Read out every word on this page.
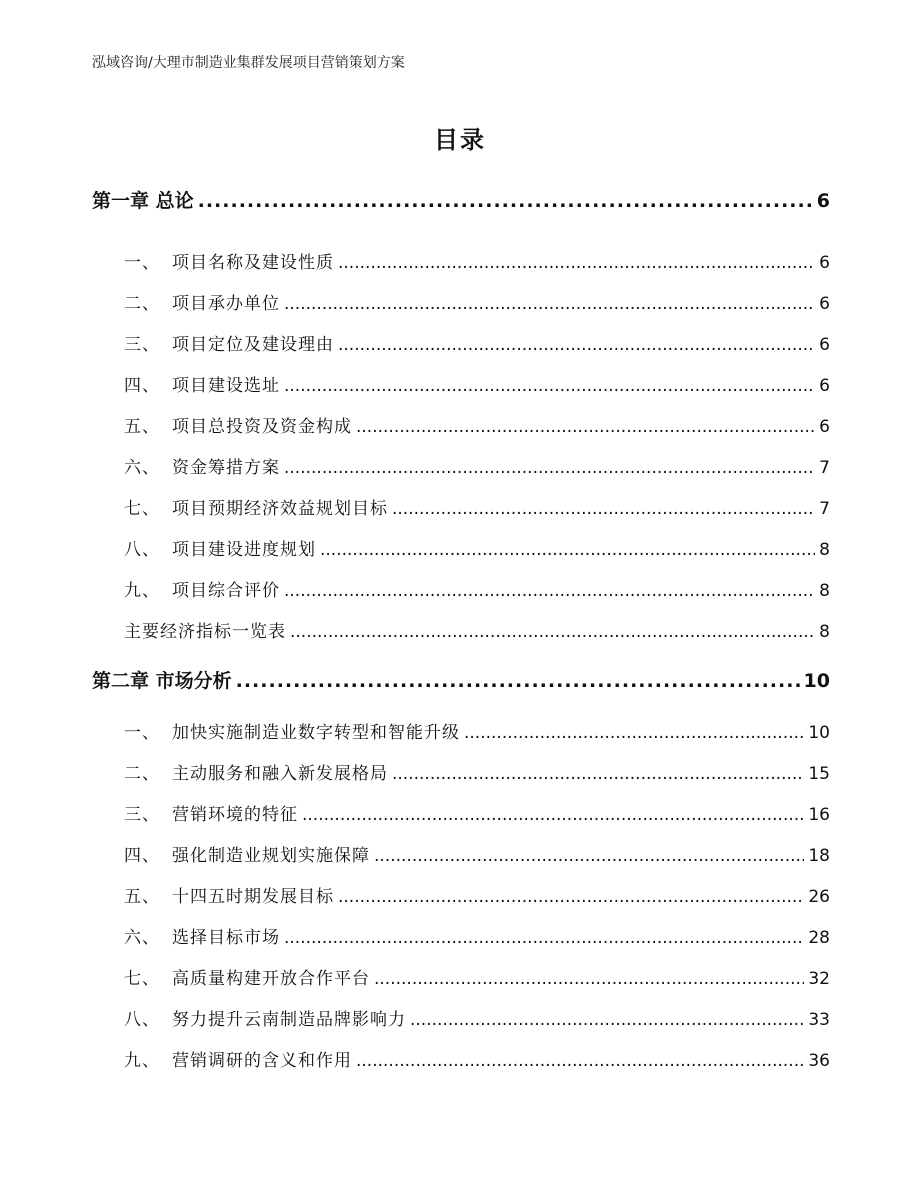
泓域咨询/大理市制造业集群发展项目营销策划方案
目录
第一章 总论 .....	6
一、 项目名称及建设性质 .....	6
二、 项目承办单位 .....	6
三、 项目定位及建设理由 .....	6
四、 项目建设选址 .....	6
五、 项目总投资及资金构成 .....	6
六、 资金筹措方案 .....	7
七、 项目预期经济效益规划目标 .....	7
八、 项目建设进度规划 .....	8
九、 项目综合评价 .....	8
主要经济指标一览表 .....	8
第二章 市场分析 .....	10
一、 加快实施制造业数字转型和智能升级 .....	10
二、 主动服务和融入新发展格局 .....	15
三、 营销环境的特征 .....	16
四、 强化制造业规划实施保障 .....	18
五、 十四五时期发展目标 .....	26
六、 选择目标市场 .....	28
七、 高质量构建开放合作平台 .....	32
八、 努力提升云南制造品牌影响力 .....	33
九、 营销调研的含义和作用 .....	36
